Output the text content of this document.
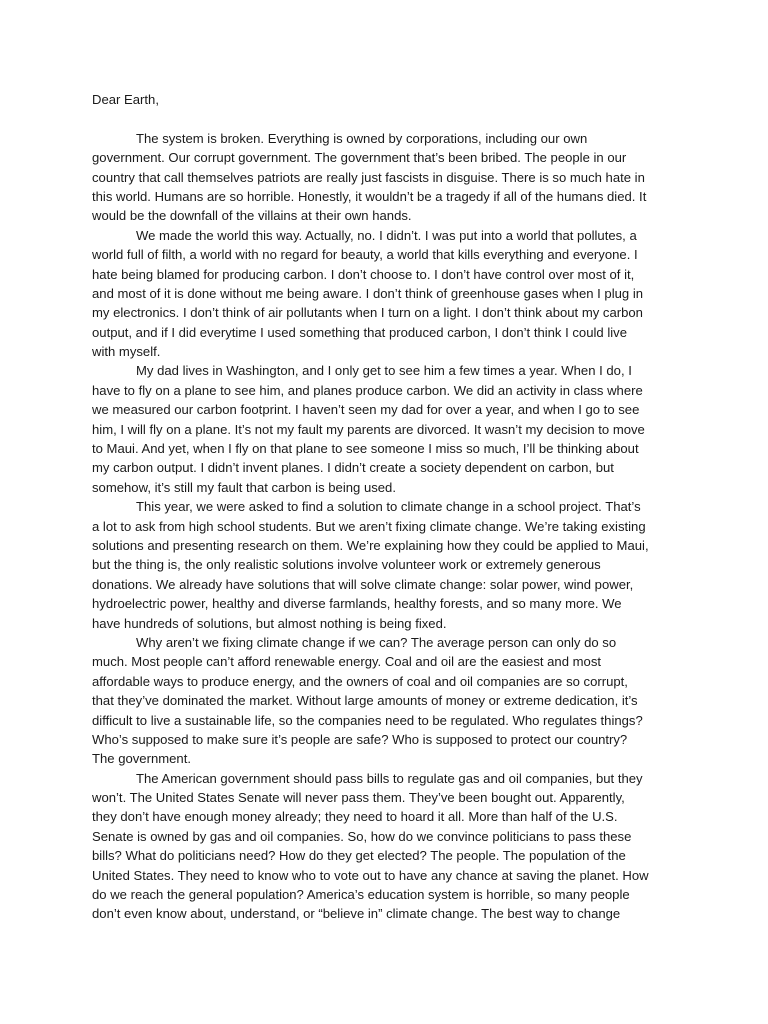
Dear Earth,

The system is broken. Everything is owned by corporations, including our own
government. Our corrupt government. The government that’s been bribed. The people in our
country that call themselves patriots are really just fascists in disguise. There is so much hate in
this world. Humans are so horrible. Honestly, it wouldn’t be a tragedy if all of the humans died. It
would be the downfall of the villains at their own hands.

We made the world this way. Actually, no. I didn’t. I was put into a world that pollutes, a
world full of filth, a world with no regard for beauty, a world that kills everything and everyone. I
hate being blamed for producing carbon. I don’t choose to. I don’t have control over most of it,
and most of it is done without me being aware. I don’t think of greenhouse gases when I plug in
my electronics. I don’t think of air pollutants when I turn on a light. I don’t think about my carbon
output, and if I did everytime I used something that produced carbon, I don’t think I could live
with myself.

My dad lives in Washington, and I only get to see him a few times a year. When I do, I
have to fly on a plane to see him, and planes produce carbon. We did an activity in class where
we measured our carbon footprint. I haven’t seen my dad for over a year, and when I go to see
him, I will fly on a plane. It’s not my fault my parents are divorced. It wasn’t my decision to move
to Maui. And yet, when I fly on that plane to see someone I miss so much, I’ll be thinking about
my carbon output. I didn’t invent planes. I didn’t create a society dependent on carbon, but
somehow, it’s still my fault that carbon is being used.

This year, we were asked to find a solution to climate change in a school project. That’s
a lot to ask from high school students. But we aren’t fixing climate change. We’re taking existing
solutions and presenting research on them. We’re explaining how they could be applied to Maui,
but the thing is, the only realistic solutions involve volunteer work or extremely generous
donations. We already have solutions that will solve climate change: solar power, wind power,
hydroelectric power, healthy and diverse farmlands, healthy forests, and so many more. We
have hundreds of solutions, but almost nothing is being fixed.

Why aren’t we fixing climate change if we can? The average person can only do so
much. Most people can’t afford renewable energy. Coal and oil are the easiest and most
affordable ways to produce energy, and the owners of coal and oil companies are so corrupt,
that they’ve dominated the market. Without large amounts of money or extreme dedication, it’s
difficult to live a sustainable life, so the companies need to be regulated. Who regulates things?
Who’s supposed to make sure it’s people are safe? Who is supposed to protect our country?
The government.

The American government should pass bills to regulate gas and oil companies, but they
won’t. The United States Senate will never pass them. They’ve been bought out. Apparently,
they don’t have enough money already; they need to hoard it all. More than half of the U.S.
Senate is owned by gas and oil companies. So, how do we convince politicians to pass these
bills? What do politicians need? How do they get elected? The people. The population of the
United States. They need to know who to vote out to have any chance at saving the planet. How
do we reach the general population? America’s education system is horrible, so many people
don’t even know about, understand, or “believe in” climate change. The best way to change
